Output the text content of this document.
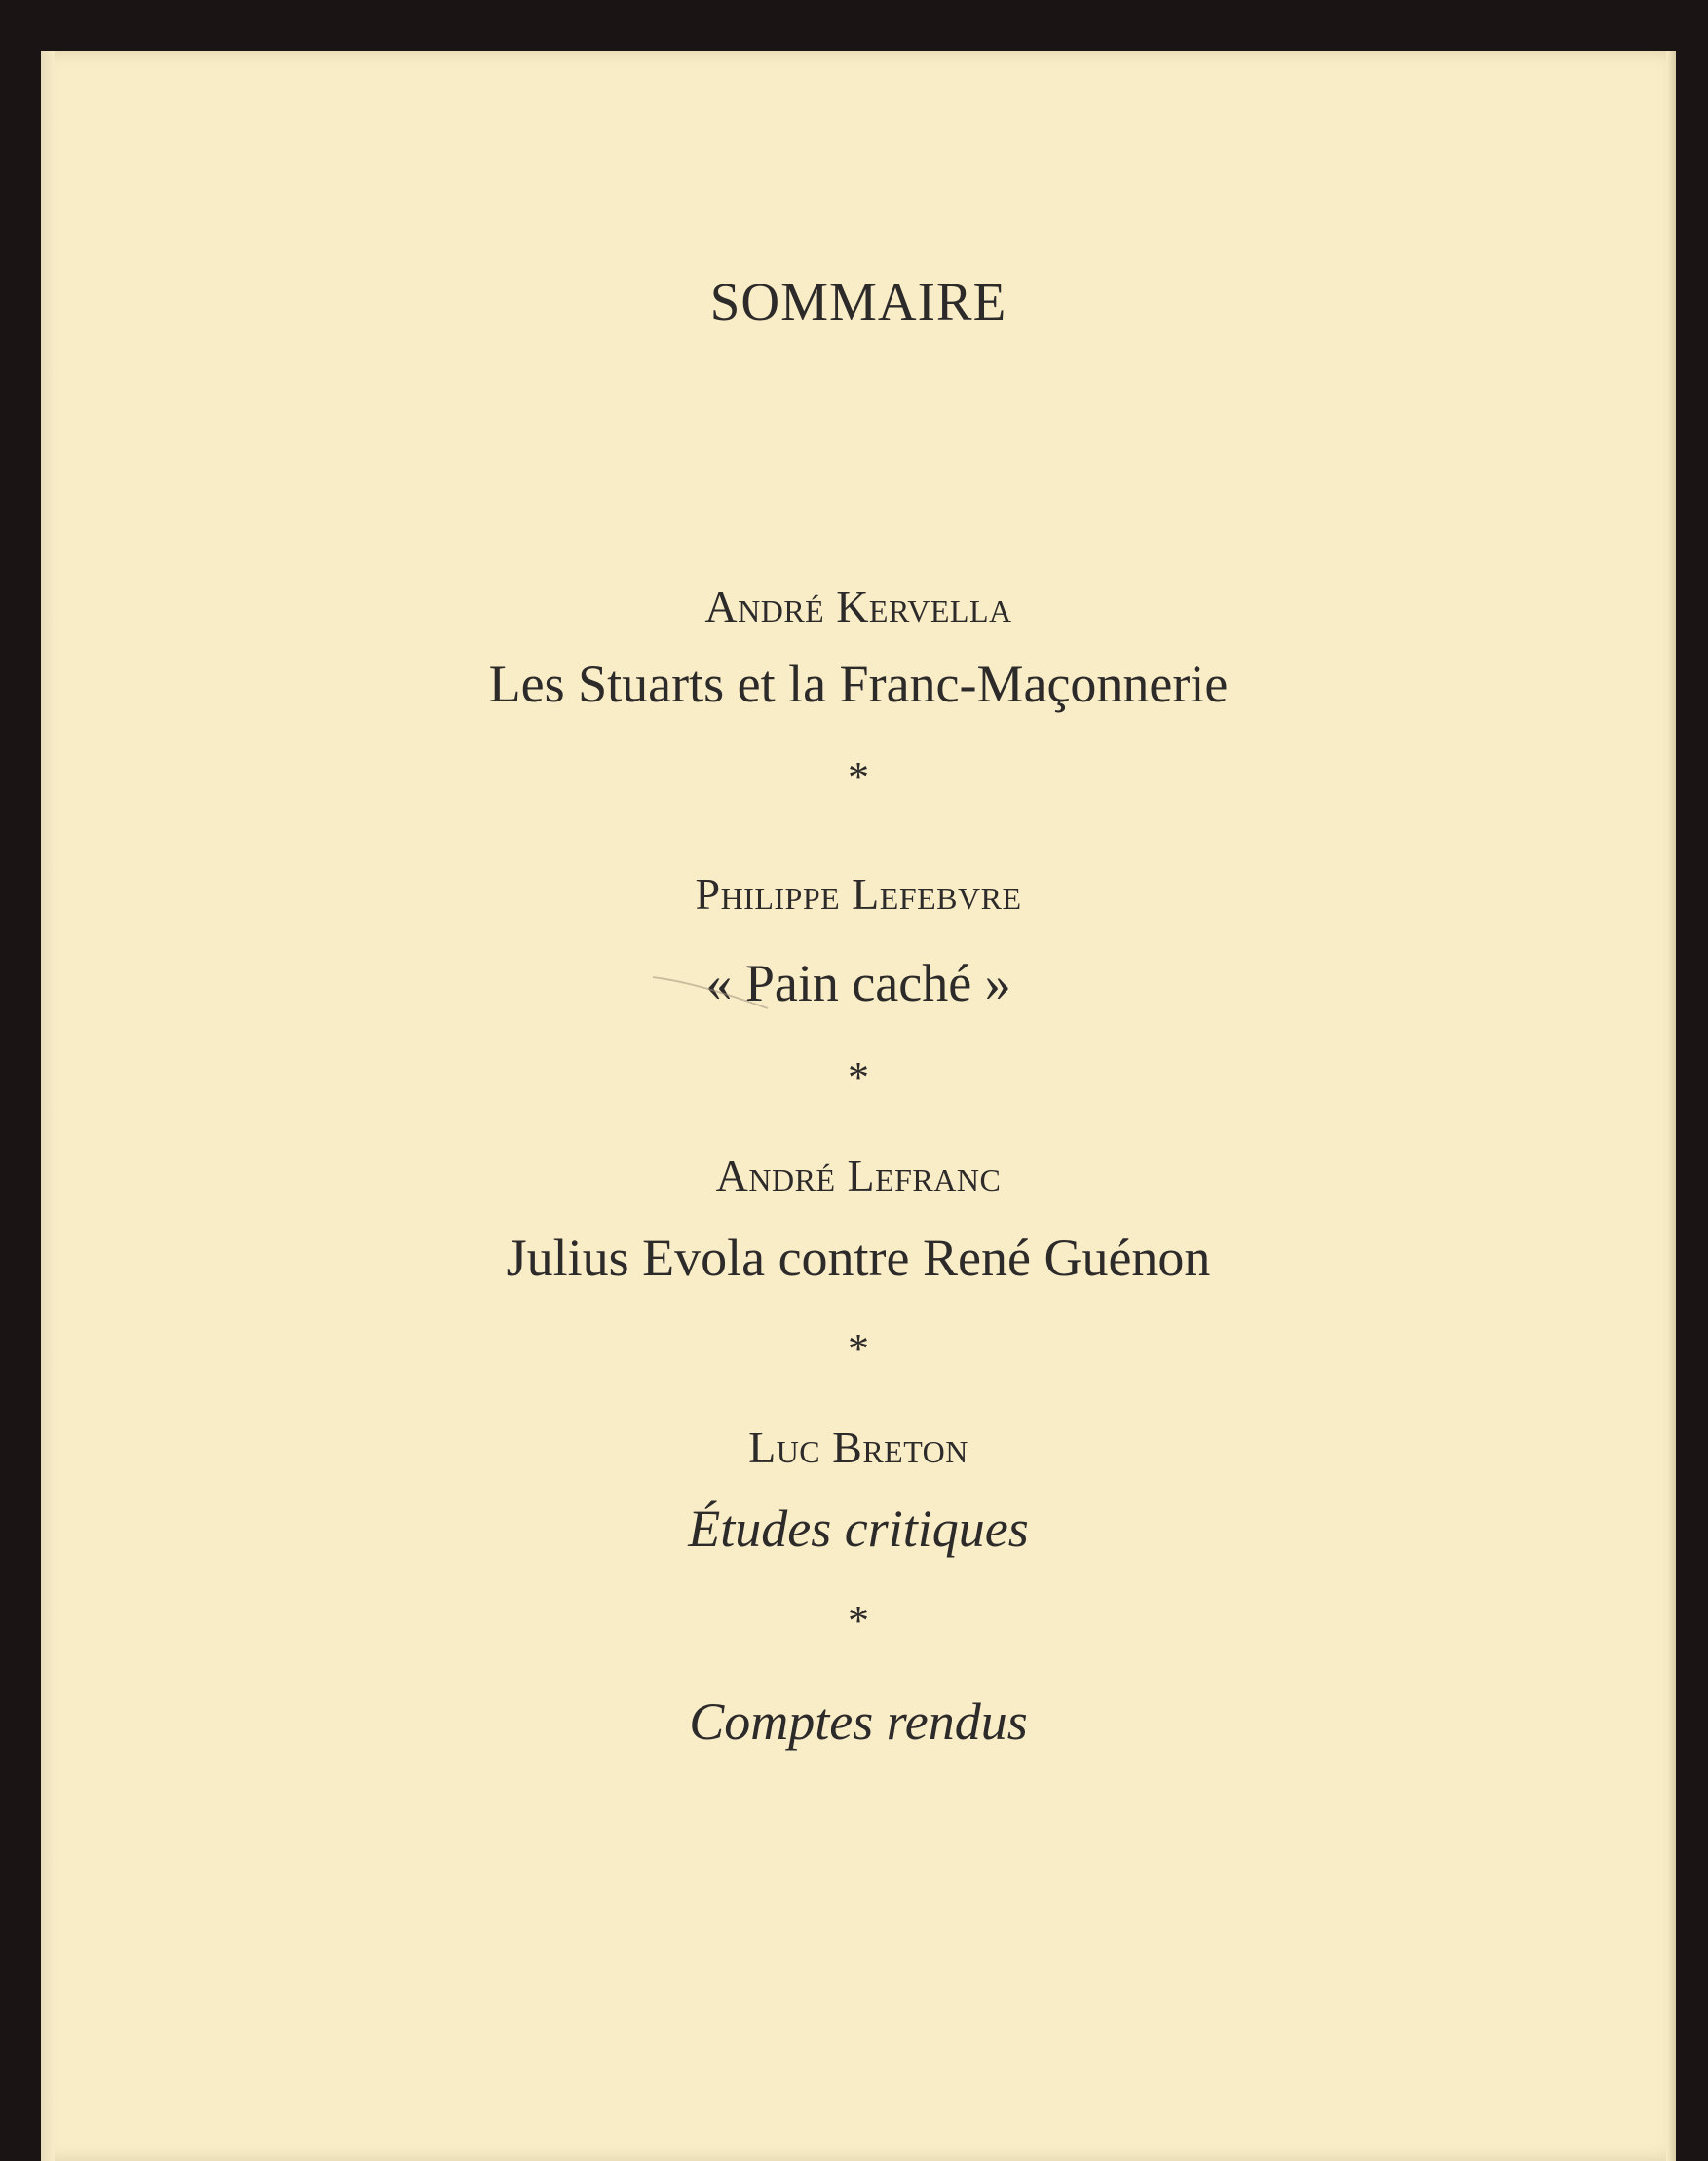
SOMMAIRE
André Kervella
Les Stuarts et la Franc-Maçonnerie
*
Philippe Lefebvre
« Pain caché »
*
André Lefranc
Julius Evola contre René Guénon
*
Luc Breton
Études critiques
*
Comptes rendus
